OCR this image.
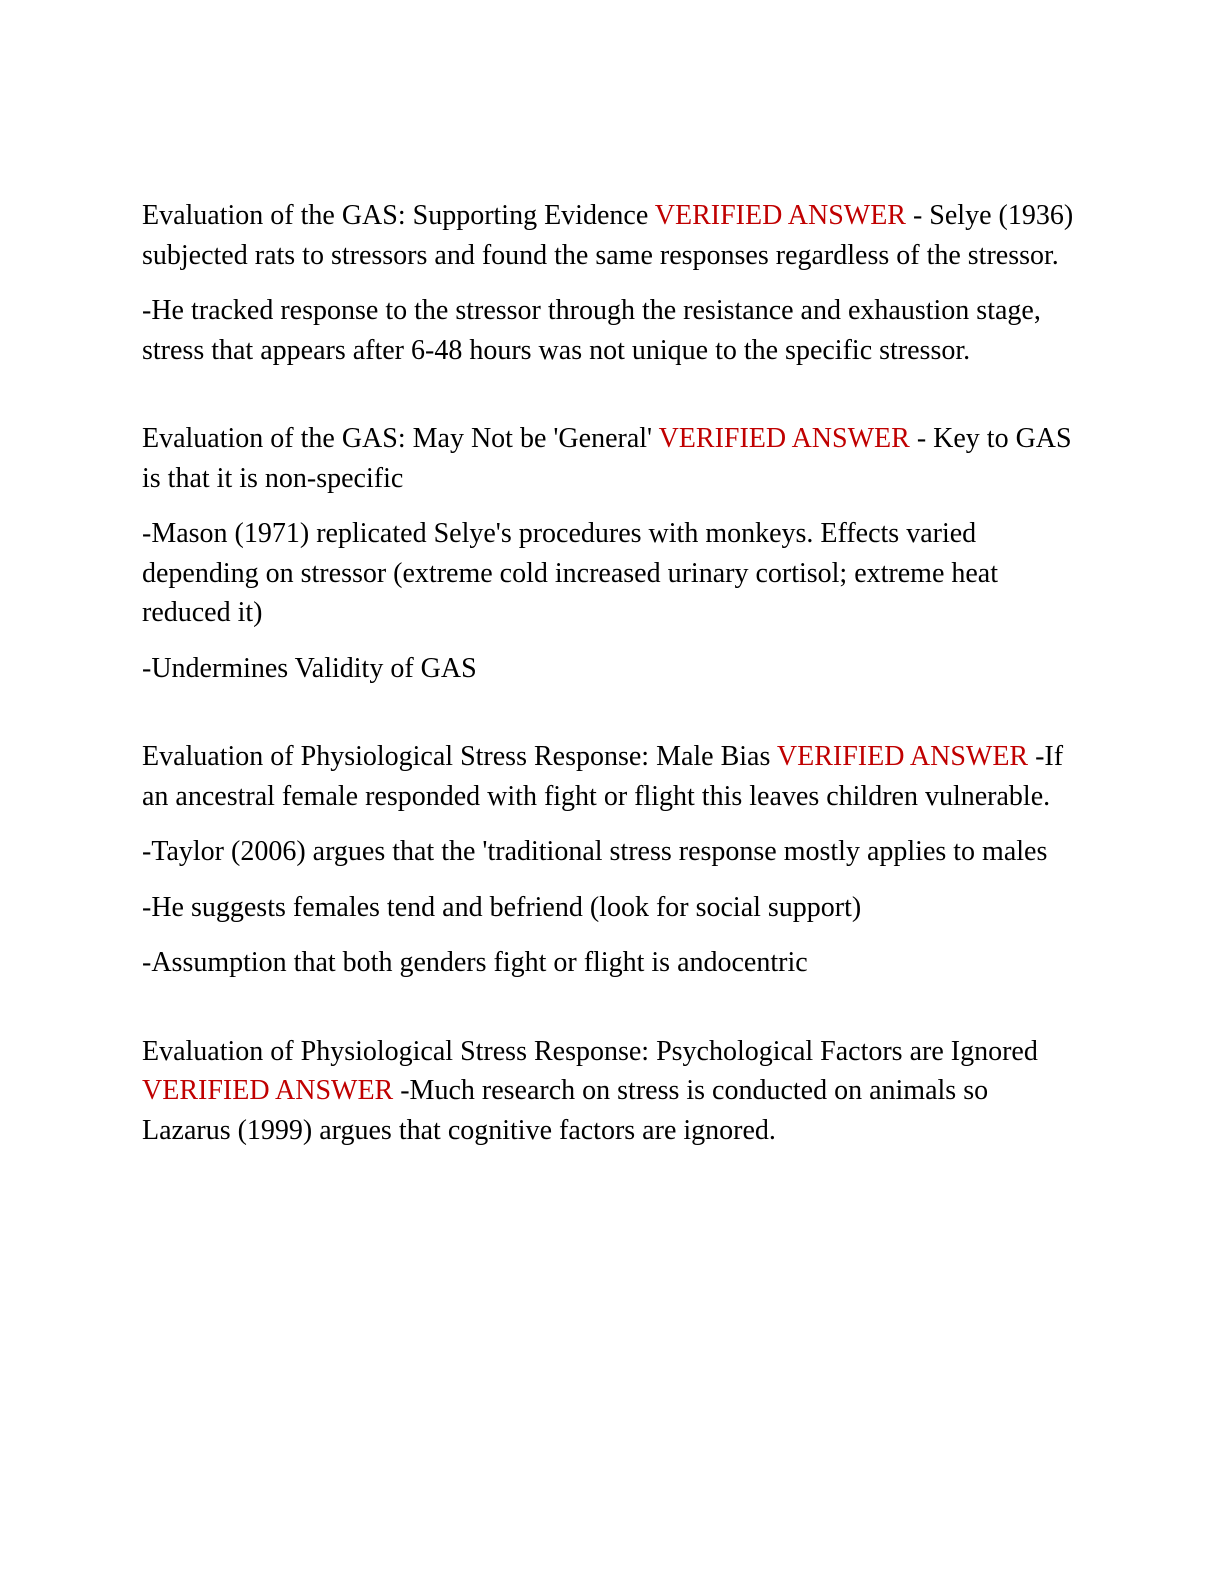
Evaluation of the GAS: Supporting Evidence VERIFIED ANSWER - Selye (1936) subjected rats to stressors and found the same responses regardless of the stressor.

-He tracked response to the stressor through the resistance and exhaustion stage, stress that appears after 6-48 hours was not unique to the specific stressor.

Evaluation of the GAS: May Not be 'General' VERIFIED ANSWER - Key to GAS is that it is non-specific

-Mason (1971) replicated Selye's procedures with monkeys. Effects varied depending on stressor (extreme cold increased urinary cortisol; extreme heat reduced it)

-Undermines Validity of GAS

Evaluation of Physiological Stress Response: Male Bias VERIFIED ANSWER -If an ancestral female responded with fight or flight this leaves children vulnerable.

-Taylor (2006) argues that the 'traditional stress response mostly applies to males

-He suggests females tend and befriend (look for social support)

-Assumption that both genders fight or flight is andocentric

Evaluation of Physiological Stress Response: Psychological Factors are Ignored VERIFIED ANSWER -Much research on stress is conducted on animals so Lazarus (1999) argues that cognitive factors are ignored.
